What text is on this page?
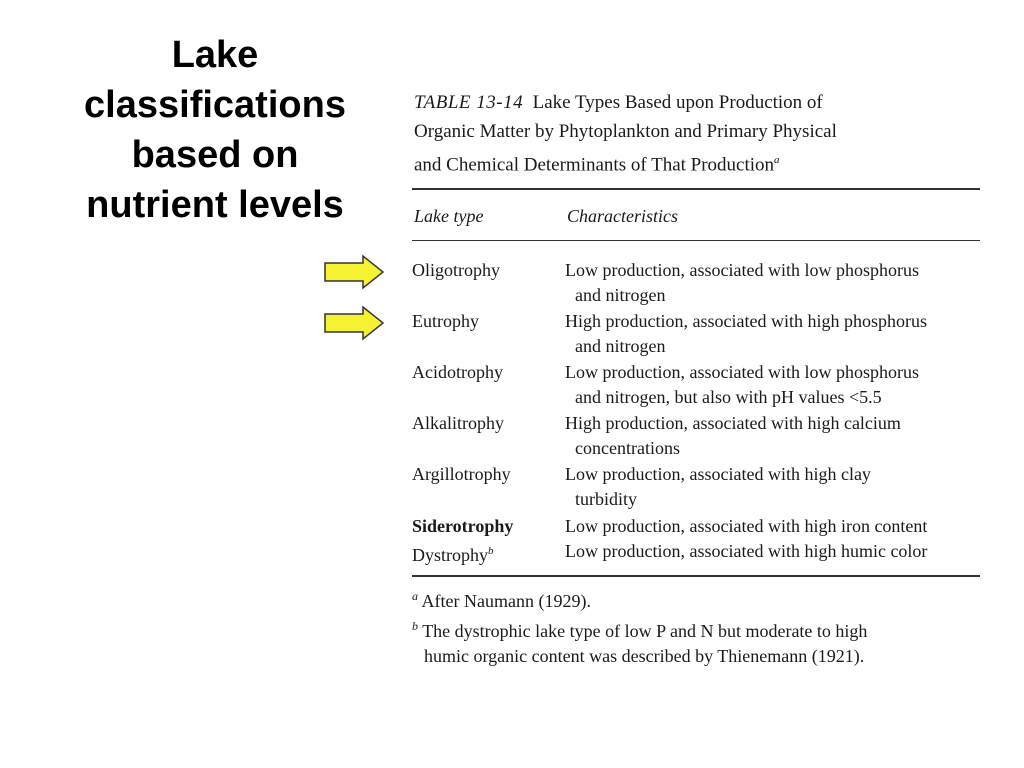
Lake
classifications
based on
nutrient levels
TABLE 13-14 Lake Types Based upon Production of
Organic Matter by Phytoplankton and Primary Physical
and Chemical Determinants of That Production$^a$
Lake type	Characteristics
Oligotrophy	Low production, associated with low phosphorus
and nitrogen
Eutrophy	High production, associated with high phosphorus
and nitrogen
Acidotrophy	Low production, associated with low phosphorus
and nitrogen, but also with pH values <5.5
Alkalitrophy	High production, associated with high calcium
concentrations
Argillotrophy	Low production, associated with high clay
turbidity
Siderotrophy	Low production, associated with high iron content
Dystrophy$^b$	Low production, associated with high humic color
$^a$ After Naumann (1929).
$^b$ The dystrophic lake type of low P and N but moderate to high
humic organic content was described by Thienemann (1921).
